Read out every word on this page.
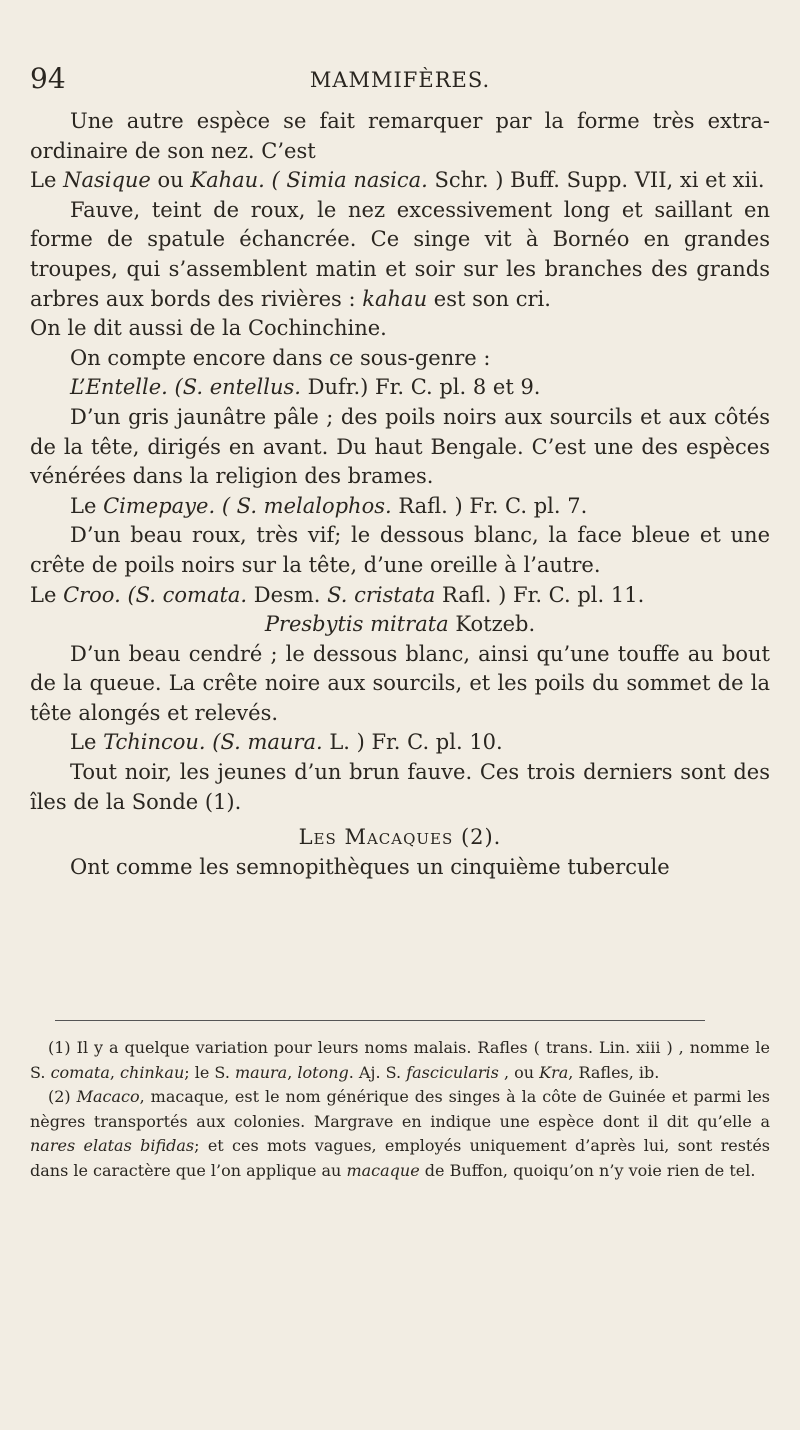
94	MAMMIFÈRES.

Une autre espèce se fait remarquer par la forme très extra-ordinaire de son nez. C’est

Le Nasique ou Kahau. ( Simia nasica. Schr. ) Buff. Supp. VII, xi et xii.

Fauve, teint de roux, le nez excessivement long et saillant en forme de spatule échancrée. Ce singe vit à Bornéo en grandes troupes, qui s’assemblent matin et soir sur les branches des grands arbres aux bords des rivières : kahau est son cri.

On le dit aussi de la Cochinchine.

On compte encore dans ce sous-genre :

L’Entelle. (S. entellus. Dufr.) Fr. C. pl. 8 et 9.

D’un gris jaunâtre pâle ; des poils noirs aux sourcils et aux côtés de la tête, dirigés en avant. Du haut Bengale. C’est une des espèces vénérées dans la religion des brames.

Le Cimepaye. ( S. melalophos. Rafl. ) Fr. C. pl. 7.

D’un beau roux, très vif; le dessous blanc, la face bleue et une crête de poils noirs sur la tête, d’une oreille à l’autre.

Le Croo. (S. comata. Desm. S. cristata Rafl. ) Fr. C. pl. 11.

Presbytis mitrata Kotzeb.

D’un beau cendré ; le dessous blanc, ainsi qu’une touffe au bout de la queue. La crête noire aux sourcils, et les poils du sommet de la tête alongés et relevés.

Le Tchincou. (S. maura. L. ) Fr. C. pl. 10.

Tout noir, les jeunes d’un brun fauve. Ces trois derniers sont des îles de la Sonde (1).

Les Macaques (2).

Ont comme les semnopithèques un cinquième tubercule

(1) Il y a quelque variation pour leurs noms malais. Rafles ( trans. Lin. xiii ) , nomme le S. comata, chinkau; le S. maura, lotong. Aj. S. fascicularis , ou Kra, Rafles, ib.

(2) Macaco, macaque, est le nom générique des singes à la côte de Guinée et parmi les nègres transportés aux colonies. Margrave en indique une espèce dont il dit qu’elle a nares elatas bifidas; et ces mots vagues, employés uniquement d’après lui, sont restés dans le caractère que l’on applique au macaque de Buffon, quoiqu’on n’y voie rien de tel.
